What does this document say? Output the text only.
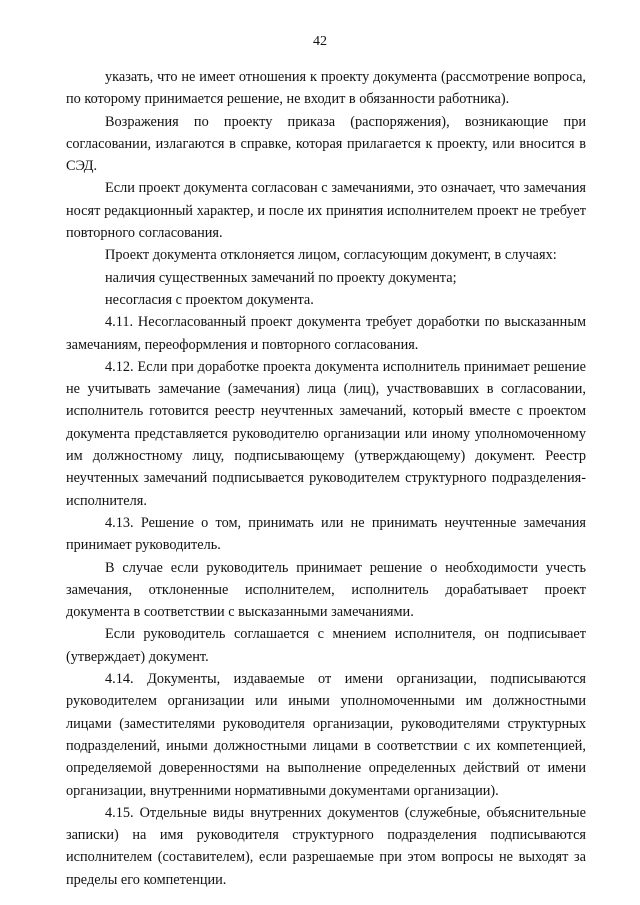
42

указать, что не имеет отношения к проекту документа (рассмотрение вопроса, по которому принимается решение, не входит в обязанности работника).

Возражения по проекту приказа (распоряжения), возникающие при согласовании, излагаются в справке, которая прилагается к проекту, или вносится в СЭД.

Если проект документа согласован с замечаниями, это означает, что замечания носят редакционный характер, и после их принятия исполнителем проект не требует повторного согласования.

Проект документа отклоняется лицом, согласующим документ, в случаях:

наличия существенных замечаний по проекту документа;

несогласия с проектом документа.

4.11. Несогласованный проект документа требует доработки по высказанным замечаниям, переоформления и повторного согласования.

4.12. Если при доработке проекта документа исполнитель принимает решение не учитывать замечание (замечания) лица (лиц), участвовавших в согласовании, исполнитель готовится реестр неучтенных замечаний, который вместе с проектом документа представляется руководителю организации или иному уполномоченному им должностному лицу, подписывающему (утверждающему) документ. Реестр неучтенных замечаний подписывается руководителем структурного подразделения-исполнителя.

4.13. Решение о том, принимать или не принимать неучтенные замечания принимает руководитель.

В случае если руководитель принимает решение о необходимости учесть замечания, отклоненные исполнителем, исполнитель дорабатывает проект документа в соответствии с высказанными замечаниями.

Если руководитель соглашается с мнением исполнителя, он подписывает (утверждает) документ.

4.14. Документы, издаваемые от имени организации, подписываются руководителем организации или иными уполномоченными им должностными лицами (заместителями руководителя организации, руководителями структурных подразделений, иными должностными лицами в соответствии с их компетенцией, определяемой доверенностями на выполнение определенных действий от имени организации, внутренними нормативными документами организации).

4.15. Отдельные виды внутренних документов (служебные, объяснительные записки) на имя руководителя структурного подразделения подписываются исполнителем (составителем), если разрешаемые при этом вопросы не выходят за пределы его компетенции.
